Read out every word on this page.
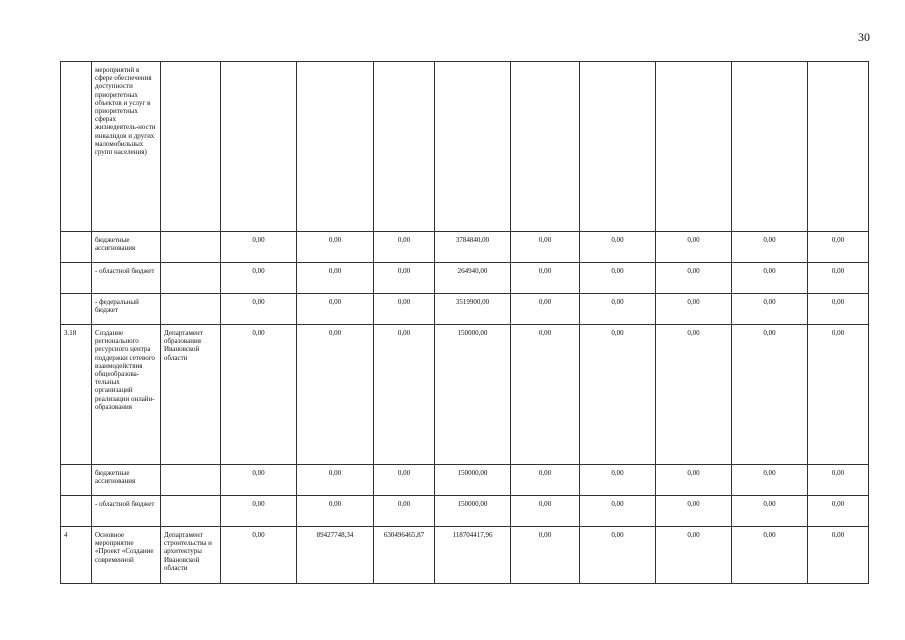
30
	мероприятий в сфере обеспечения доступности приоритетных объектов и услуг в приоритетных сферах жизнедеятель-ности инвалидов и других маломобильных групп населения)										
	бюджетные ассигнования		0,00	0,00	0,00	3784840,00	0,00	0,00	0,00	0,00	0,00
	- областной бюджет		0,00	0,00	0,00	264940,00	0,00	0,00	0,00	0,00	0,00
	- федеральный бюджет		0,00	0,00	0,00	3519900,00	0,00	0,00	0,00	0,00	0,00
3.18	Создание регионального ресурсного центра поддержки сетевого взаимодействия общеобразова-тельных организаций реализации онлайн-образования	Департамент образования Ивановской области	0,00	0,00	0,00	150000,00	0,00	0,00	0,00	0,00	0,00
	бюджетные ассигнования		0,00	0,00	0,00	150000,00	0,00	0,00	0,00	0,00	0,00
	- областной бюджет		0,00	0,00	0,00	150000,00	0,00	0,00	0,00	0,00	0,00
4	Основное мероприятие «Проект «Создание современной	Департамент строительства и архитектуры Ивановской области	0,00	89427748,34	630496465,87	118704417,96	0,00	0,00	0,00	0,00	0,00
